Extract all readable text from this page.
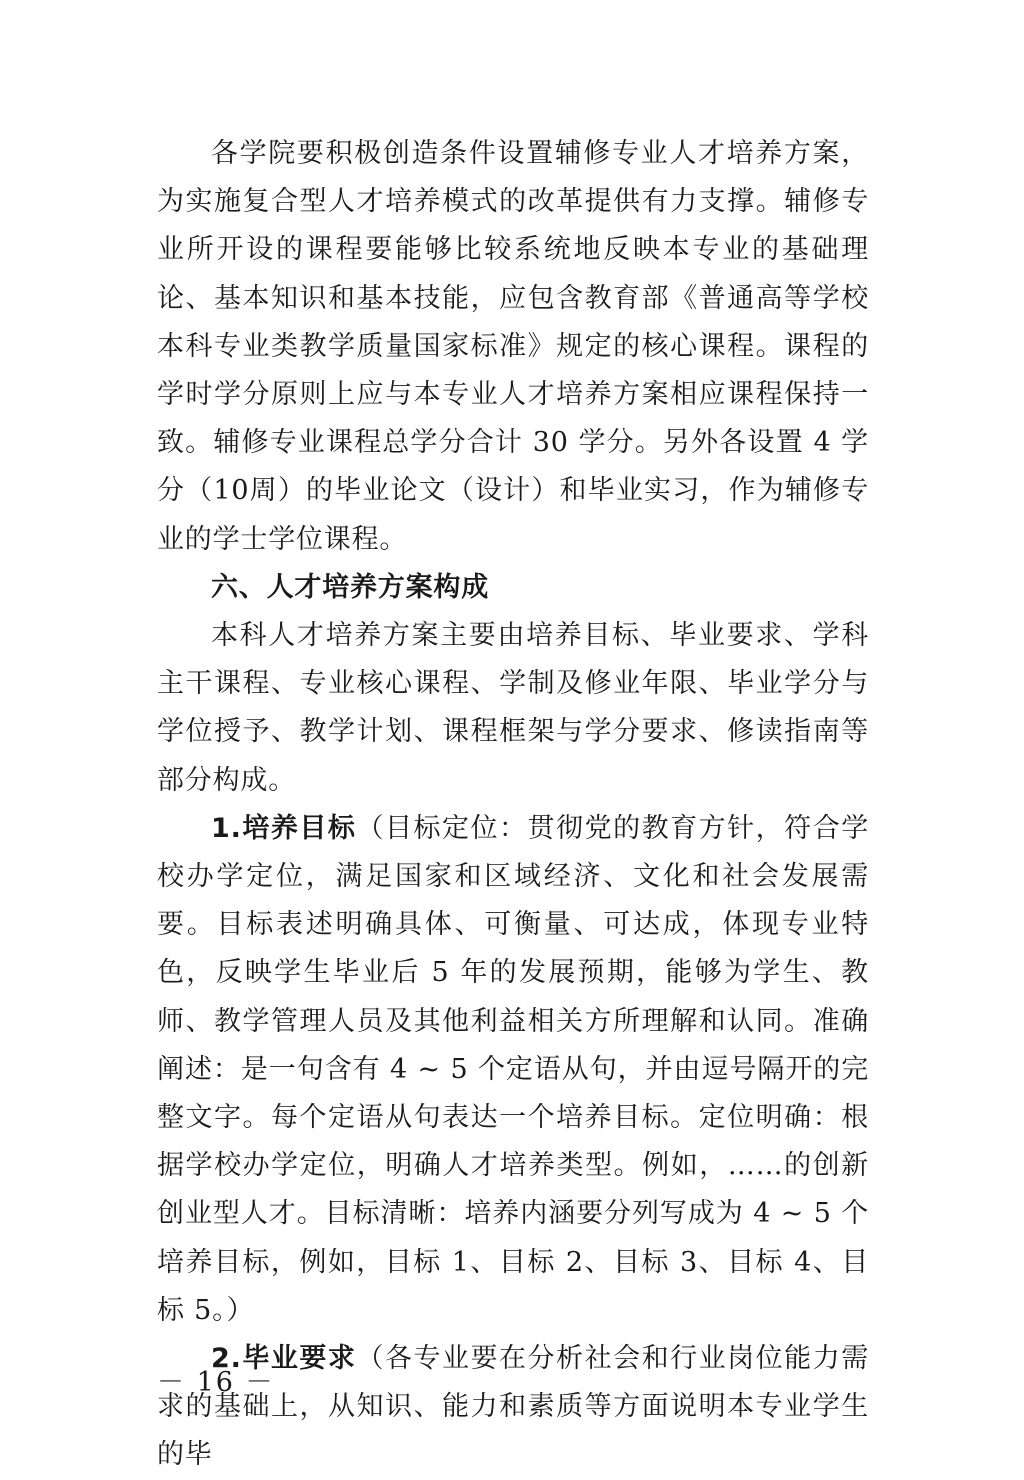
各学院要积极创造条件设置辅修专业人才培养方案，为实施复合型人才培养模式的改革提供有力支撑。辅修专业所开设的课程要能够比较系统地反映本专业的基础理论、基本知识和基本技能，应包含教育部《普通高等学校本科专业类教学质量国家标准》规定的核心课程。课程的学时学分原则上应与本专业人才培养方案相应课程保持一致。辅修专业课程总学分合计 30 学分。另外各设置 4 学分（10周）的毕业论文（设计）和毕业实习，作为辅修专业的学士学位课程。

六、人才培养方案构成

本科人才培养方案主要由培养目标、毕业要求、学科主干课程、专业核心课程、学制及修业年限、毕业学分与学位授予、教学计划、课程框架与学分要求、修读指南等部分构成。

1.培养目标（目标定位：贯彻党的教育方针，符合学校办学定位，满足国家和区域经济、文化和社会发展需要。目标表述明确具体、可衡量、可达成，体现专业特色，反映学生毕业后 5 年的发展预期，能够为学生、教师、教学管理人员及其他利益相关方所理解和认同。准确阐述：是一句含有 4 ~ 5 个定语从句，并由逗号隔开的完整文字。每个定语从句表达一个培养目标。定位明确：根据学校办学定位，明确人才培养类型。例如，……的创新创业型人才。目标清晰：培养内涵要分列写成为 4 ~ 5 个培养目标，例如，目标 1、目标 2、目标 3、目标 4、目标 5。）

2.毕业要求（各专业要在分析社会和行业岗位能力需求的基础上，从知识、能力和素质等方面说明本专业学生的毕

－ 16 －
